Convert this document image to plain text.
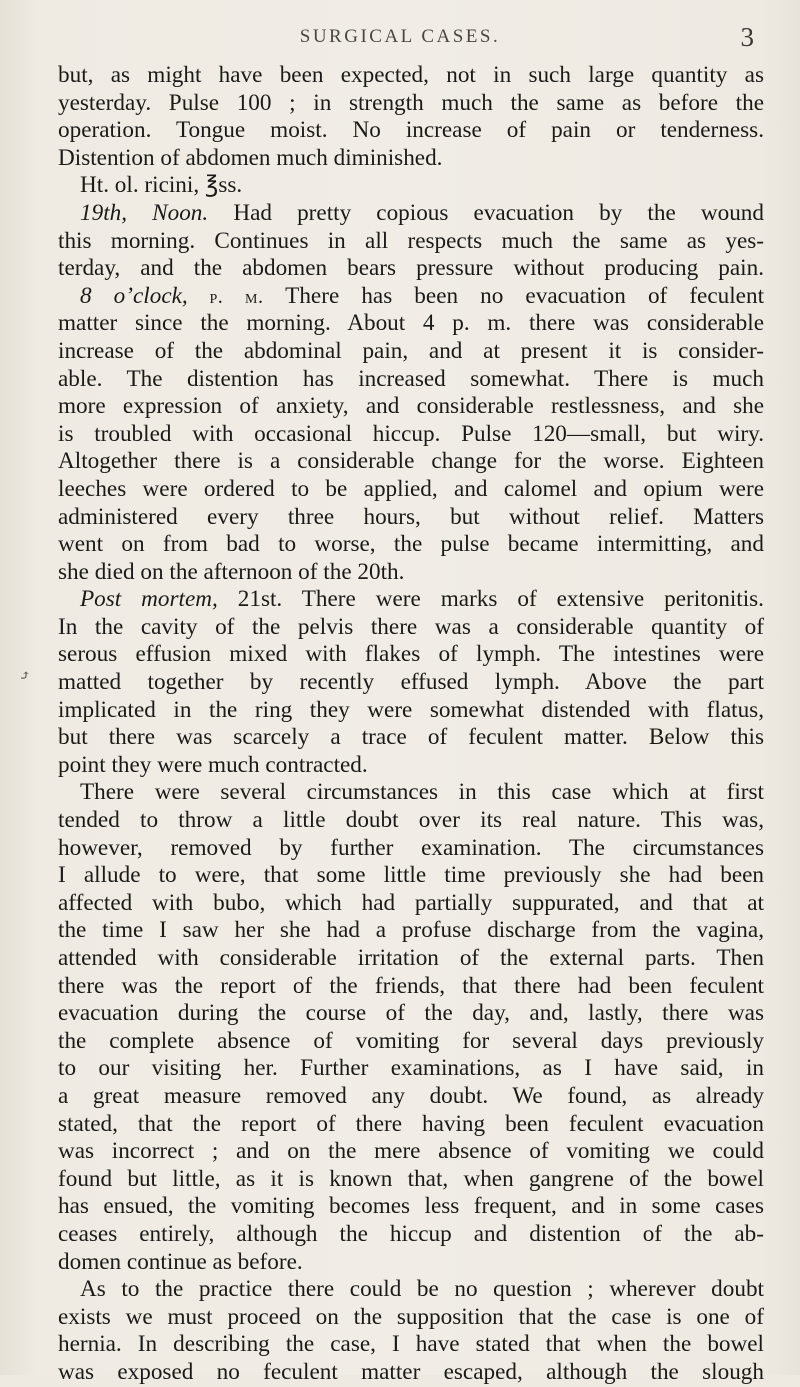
SURGICAL CASES.	3
⤴
but, as might have been expected, not in such large quantity as
yesterday. Pulse 100 ; in strength much the same as before the
operation. Tongue moist. No increase of pain or tenderness.
Distention of abdomen much diminished.
Ht. ol. ricini, ℥ss.
19th, Noon. Had pretty copious evacuation by the wound
this morning. Continues in all respects much the same as yes-
terday, and the abdomen bears pressure without producing pain.
8 o’clock, p. m. There has been no evacuation of feculent
matter since the morning. About 4 p. m. there was considerable
increase of the abdominal pain, and at present it is consider-
able. The distention has increased somewhat. There is much
more expression of anxiety, and considerable restlessness, and she
is troubled with occasional hiccup. Pulse 120—small, but wiry.
Altogether there is a considerable change for the worse. Eighteen
leeches were ordered to be applied, and calomel and opium were
administered every three hours, but without relief. Matters
went on from bad to worse, the pulse became intermitting, and
she died on the afternoon of the 20th.
Post mortem, 21st. There were marks of extensive peritonitis.
In the cavity of the pelvis there was a considerable quantity of
serous effusion mixed with flakes of lymph. The intestines were
matted together by recently effused lymph. Above the part
implicated in the ring they were somewhat distended with flatus,
but there was scarcely a trace of feculent matter. Below this
point they were much contracted.
There were several circumstances in this case which at first
tended to throw a little doubt over its real nature. This was,
however, removed by further examination. The circumstances
I allude to were, that some little time previously she had been
affected with bubo, which had partially suppurated, and that at
the time I saw her she had a profuse discharge from the vagina,
attended with considerable irritation of the external parts. Then
there was the report of the friends, that there had been feculent
evacuation during the course of the day, and, lastly, there was
the complete absence of vomiting for several days previously
to our visiting her. Further examinations, as I have said, in
a great measure removed any doubt. We found, as already
stated, that the report of there having been feculent evacuation
was incorrect ; and on the mere absence of vomiting we could
found but little, as it is known that, when gangrene of the bowel
has ensued, the vomiting becomes less frequent, and in some cases
ceases entirely, although the hiccup and distention of the ab-
domen continue as before.
As to the practice there could be no question ; wherever doubt
exists we must proceed on the supposition that the case is one of
hernia. In describing the case, I have stated that when the bowel
was exposed no feculent matter escaped, although the slough
